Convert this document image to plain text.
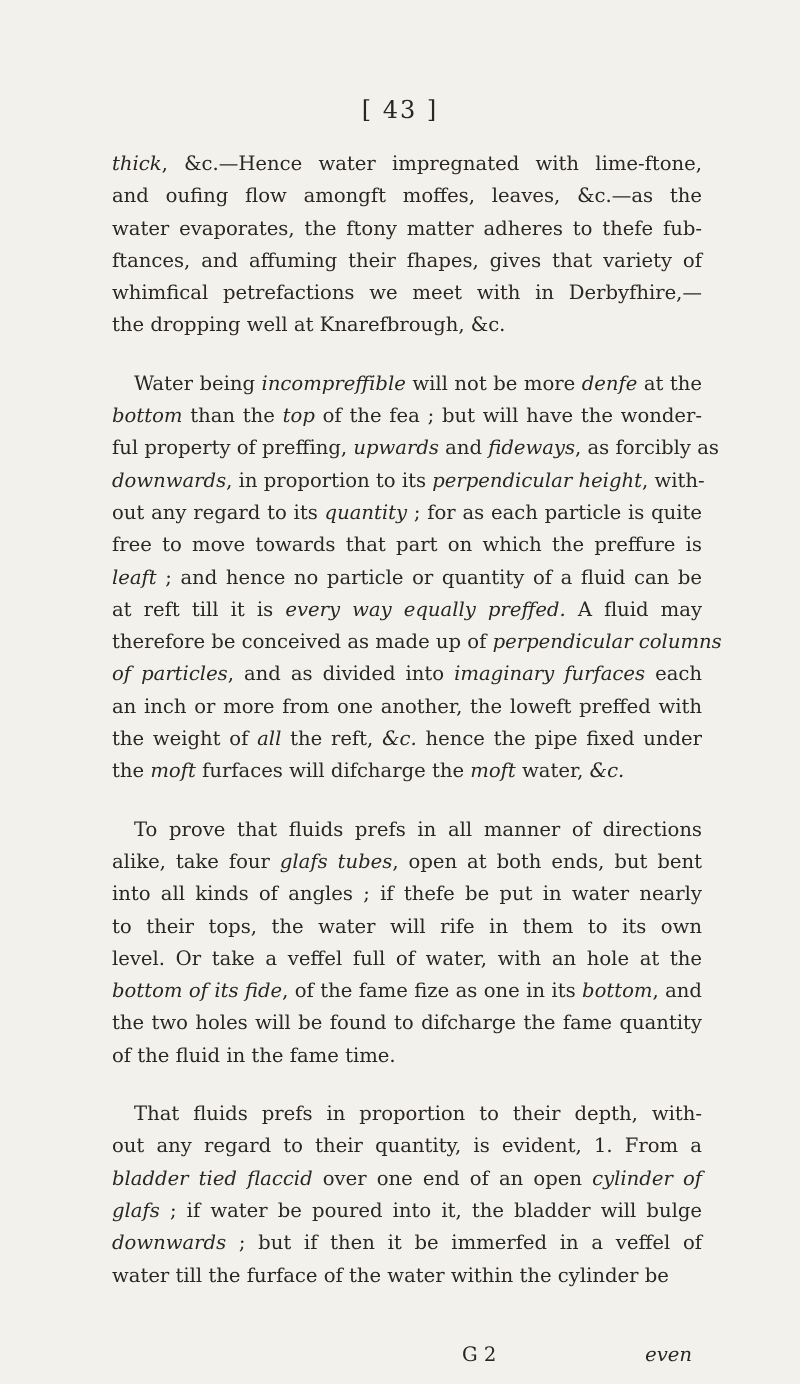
[ 43 ]
thick, &c.—Hence water impregnated with lime-ftone,
and oufing flow amongft moffes, leaves, &c.—as the
water evaporates, the ftony matter adheres to thefe fub-
ftances, and affuming their fhapes, gives that variety of
whimfical petrefactions we meet with in Derbyfhire,—
the dropping well at Knarefbrough, &c.
Water being incompreffible will not be more denfe at the
bottom than the top of the fea ; but will have the wonder-
ful property of preffing, upwards and fideways, as forcibly as
downwards, in proportion to its perpendicular height, with-
out any regard to its quantity ; for as each particle is quite
free to move towards that part on which the preffure is
leaft ; and hence no particle or quantity of a fluid can be
at reft till it is every way equally preffed. A fluid may
therefore be conceived as made up of perpendicular columns
of particles, and as divided into imaginary furfaces each
an inch or more from one another, the loweft preffed with
the weight of all the reft, &c. hence the pipe fixed under
the moft furfaces will difcharge the moft water, &c.
To prove that fluids prefs in all manner of directions
alike, take four glafs tubes, open at both ends, but bent
into all kinds of angles ; if thefe be put in water nearly
to their tops, the water will rife in them to its own
level. Or take a veffel full of water, with an hole at the
bottom of its fide, of the fame fize as one in its bottom, and
the two holes will be found to difcharge the fame quantity
of the fluid in the fame time.
That fluids prefs in proportion to their depth, with-
out any regard to their quantity, is evident, 1. From a
bladder tied flaccid over one end of an open cylinder of
glafs ; if water be poured into it, the bladder will bulge
downwards ; but if then it be immerfed in a veffel of
water till the furface of the water within the cylinder be
G 2	even
